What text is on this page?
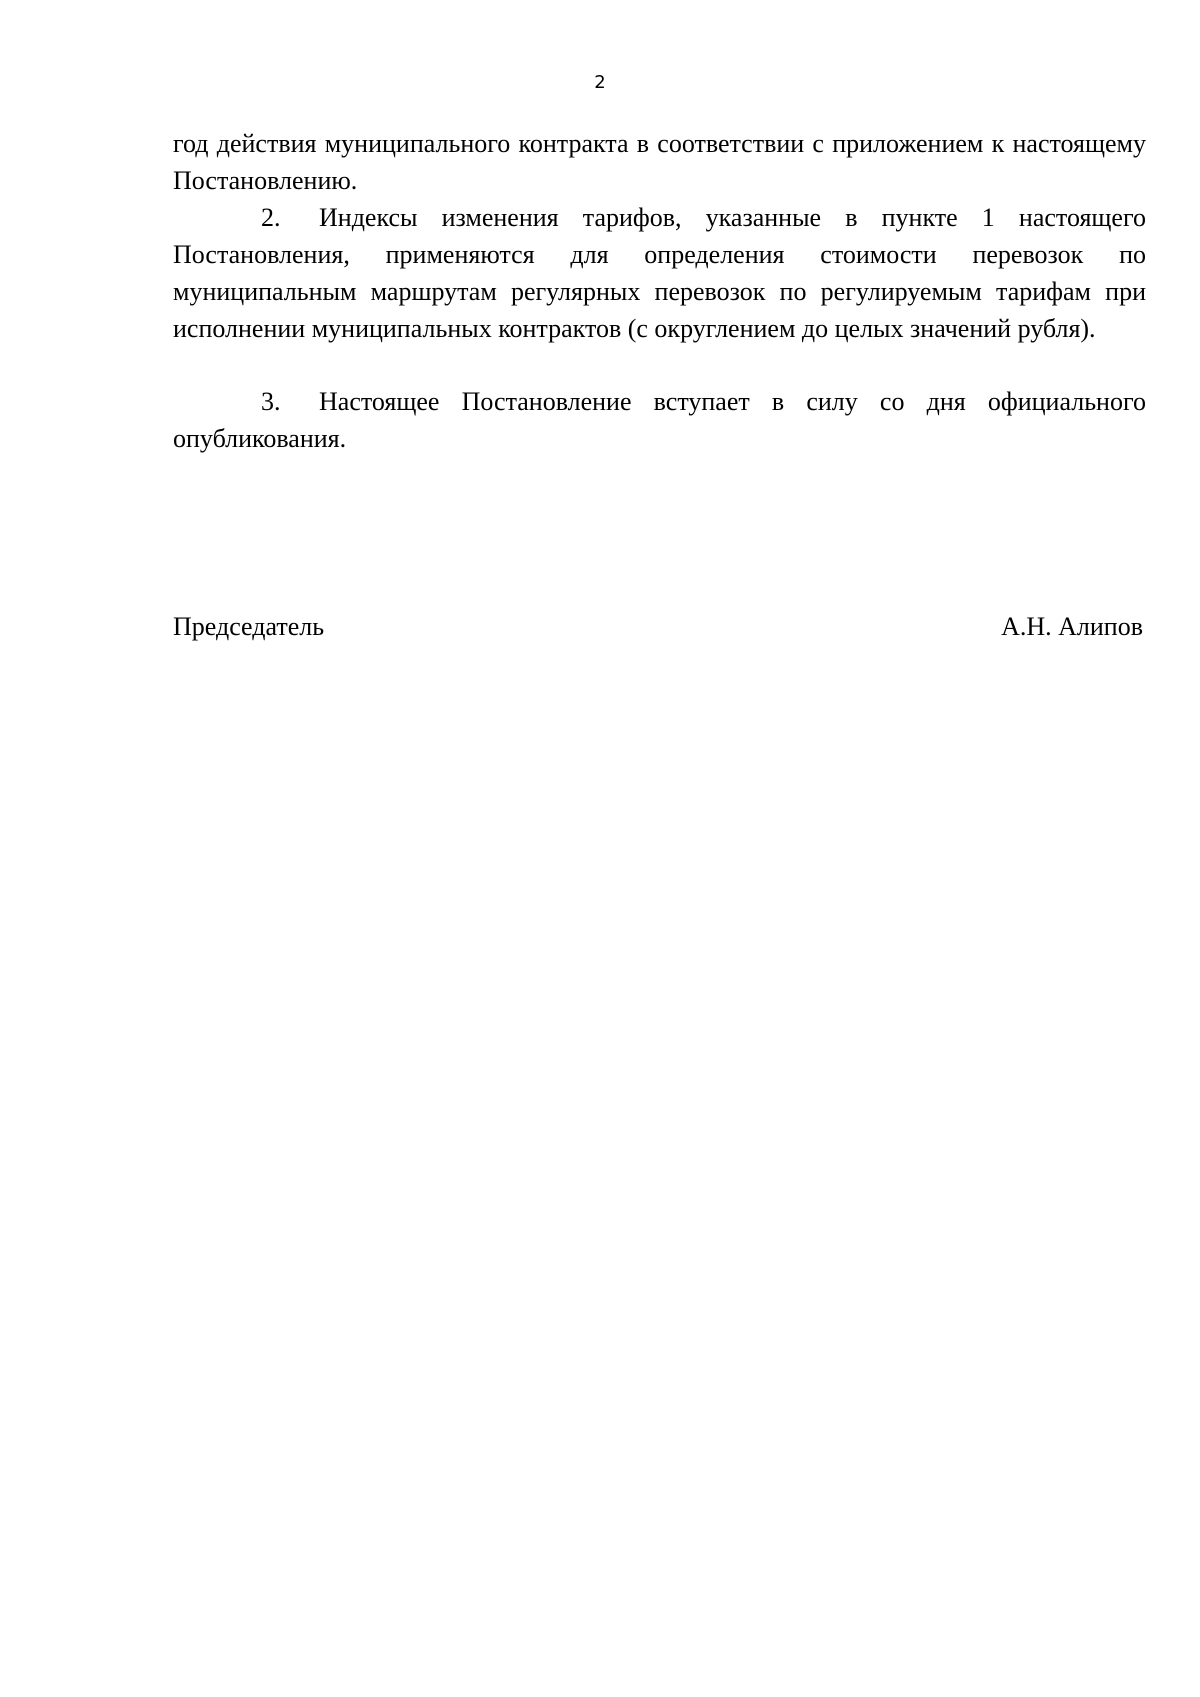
2

год действия муниципального контракта в соответствии с приложением к настоящему Постановлению.

2. Индексы изменения тарифов, указанные в пункте 1 настоящего Постановления, применяются для определения стоимости перевозок по муниципальным маршрутам регулярных перевозок по регулируемым тарифам при исполнении муниципальных контрактов (с округлением до целых значений рубля).

3. Настоящее Постановление вступает в силу со дня официального опубликования.

Председатель	А.Н. Алипов
